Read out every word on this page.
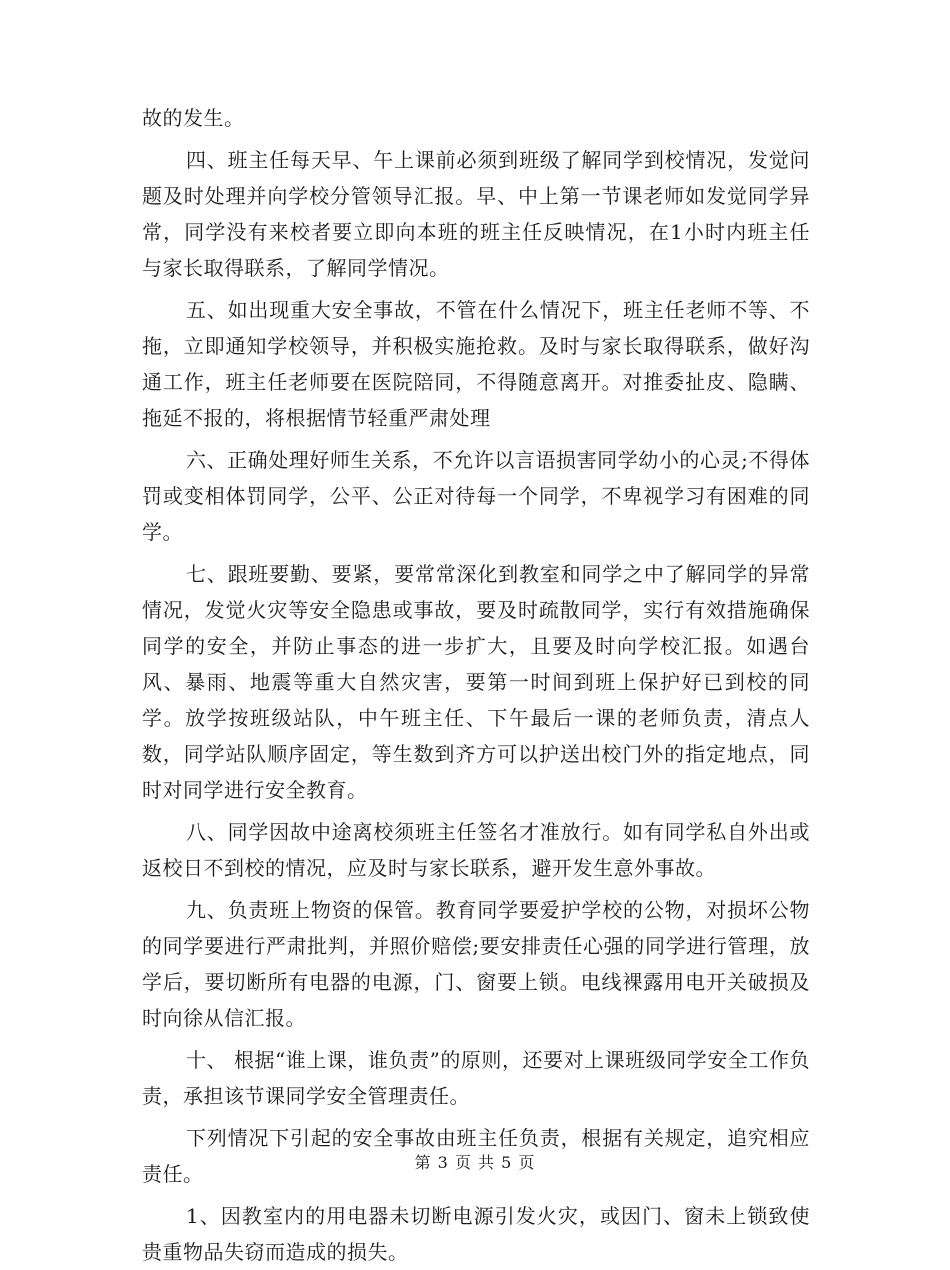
故的发生。

四、班主任每天早、午上课前必须到班级了解同学到校情况，发觉问题及时处理并向学校分管领导汇报。早、中上第一节课老师如发觉同学异常，同学没有来校者要立即向本班的班主任反映情况，在1小时内班主任与家长取得联系，了解同学情况。

五、如出现重大安全事故，不管在什么情况下，班主任老师不等、不拖，立即通知学校领导，并积极实施抢救。及时与家长取得联系，做好沟通工作，班主任老师要在医院陪同，不得随意离开。对推委扯皮、隐瞒、拖延不报的，将根据情节轻重严肃处理

六、正确处理好师生关系，不允许以言语损害同学幼小的心灵;不得体罚或变相体罚同学，公平、公正对待每一个同学，不卑视学习有困难的同学。

七、跟班要勤、要紧，要常常深化到教室和同学之中了解同学的异常情况，发觉火灾等安全隐患或事故，要及时疏散同学，实行有效措施确保同学的安全，并防止事态的进一步扩大，且要及时向学校汇报。如遇台风、暴雨、地震等重大自然灾害，要第一时间到班上保护好已到校的同学。放学按班级站队，中午班主任、下午最后一课的老师负责，清点人数，同学站队顺序固定，等生数到齐方可以护送出校门外的指定地点，同时对同学进行安全教育。

八、同学因故中途离校须班主任签名才准放行。如有同学私自外出或返校日不到校的情况，应及时与家长联系，避开发生意外事故。

九、负责班上物资的保管。教育同学要爱护学校的公物，对损坏公物的同学要进行严肃批判，并照价赔偿;要安排责任心强的同学进行管理，放学后，要切断所有电器的电源，门、窗要上锁。电线裸露用电开关破损及时向徐从信汇报。

十、 根据“谁上课，谁负责”的原则，还要对上课班级同学安全工作负责，承担该节课同学安全管理责任。

下列情况下引起的安全事故由班主任负责，根据有关规定，追究相应责任。

1、因教室内的用电器未切断电源引发火灾，或因门、窗未上锁致使贵重物品失窃而造成的损失。

第 3 页 共 5 页
